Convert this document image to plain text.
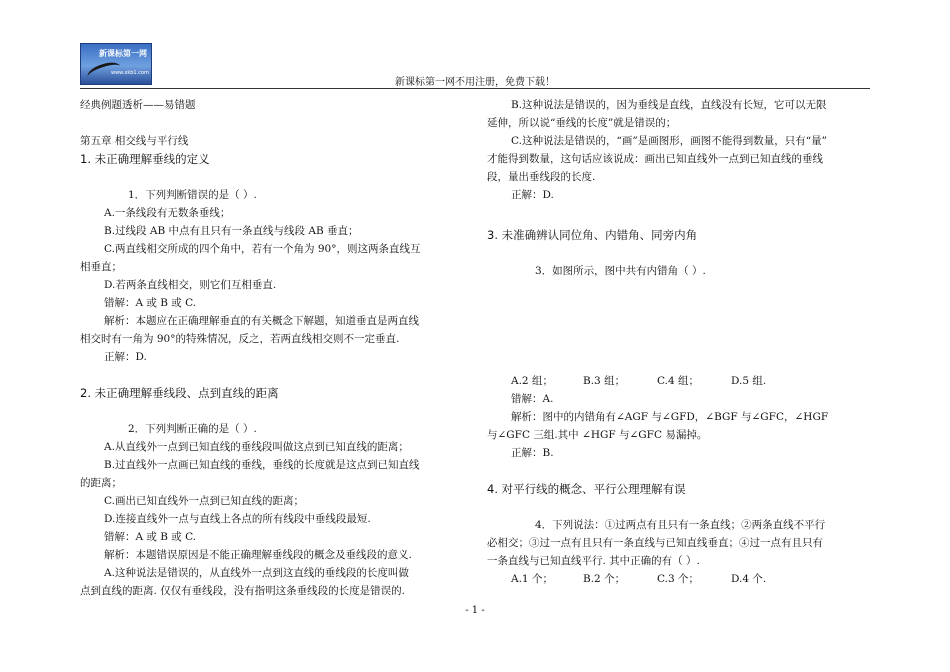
新课标第一网
www.xkb1.com
新课标第一网不用注册，免费下载！

经典例题透析——易错题

第五章 相交线与平行线

1. 未正确理解垂线的定义

1．下列判断错误的是（ ）.

A.一条线段有无数条垂线；

B.过线段 AB 中点有且只有一条直线与线段 AB 垂直；

C.两直线相交所成的四个角中，若有一个角为 90°，则这两条直线互

相垂直；

D.若两条直线相交，则它们互相垂直.

错解：A 或 B 或 C.

解析：本题应在正确理解垂直的有关概念下解题，知道垂直是两直线

相交时有一角为 90°的特殊情况，反之，若两直线相交则不一定垂直.

正解：D.

2. 未正确理解垂线段、点到直线的距离

2．下列判断正确的是（ ）.

A.从直线外一点到已知直线的垂线段叫做这点到已知直线的距离；

B.过直线外一点画已知直线的垂线，垂线的长度就是这点到已知直线

的距离；

C.画出已知直线外一点到已知直线的距离；

D.连接直线外一点与直线上各点的所有线段中垂线段最短.

错解：A 或 B 或 C.

解析：本题错误原因是不能正确理解垂线段的概念及垂线段的意义.

A.这种说法是错误的，从直线外一点到这直线的垂线段的长度叫做

点到直线的距离. 仅仅有垂线段，没有指明这条垂线段的长度是错误的.

B.这种说法是错误的，因为垂线是直线，直线没有长短，它可以无限

延伸，所以说“垂线的长度”就是错误的；

C.这种说法是错误的，“画”是画图形，画图不能得到数量，只有“量”

才能得到数量，这句话应该说成：画出已知直线外一点到已知直线的垂线

段，量出垂线段的长度.

正解：D.

3. 未准确辨认同位角、内错角、同旁内角

3．如图所示，图中共有内错角（ ）.

A.2 组；	B.3 组；	C.4 组；	D.5 组.

错解：A.

解析：图中的内错角有∠AGF 与∠GFD，∠BGF 与∠GFC，∠HGF

与∠GFC 三组.其中 ∠HGF 与∠GFC 易漏掉。

正解：B.

4. 对平行线的概念、平行公理理解有误

4．下列说法：①过两点有且只有一条直线；②两条直线不平行

必相交；③过一点有且只有一条直线与已知直线垂直；④过一点有且只有

一条直线与已知直线平行. 其中正确的有（ ）.

A.1 个；	B.2 个；	C.3 个；	D.4 个.
- 1 -
